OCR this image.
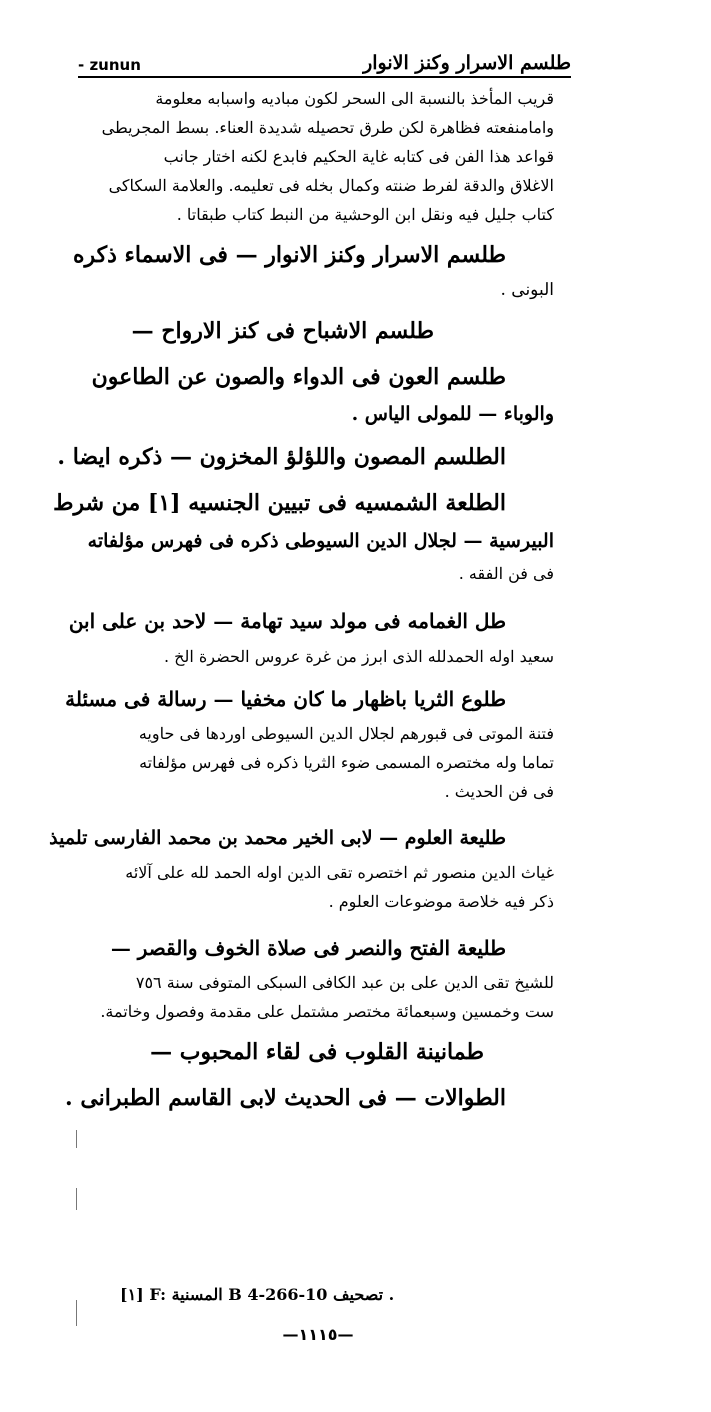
- zunun	طلسم الاسرار وكنز الانوار
قريب المأخذ بالنسبة الى السحر لكون مباديه واسبابه معلومة
وامامنفعته فظاهرة لكن طرق تحصيله شديدة العناء. بسط المجريطى
قواعد هذا الفن فى كتابه غاية الحكيم فابدع لكنه اختار جانب
الاغلاق والدقة لفرط ضنته وكمال بخله فى تعليمه. والعلامة السكاكى
كتاب جليل فيه ونقل ابن الوحشية من النبط كتاب طبقاتا .
طلسم الاسرار وكنز الانوار — فى الاسماء ذكره
البونى .
طلسم الاشباح فى كنز الارواح —
طلسم العون فى الدواء والصون عن الطاعون
والوباء — للمولى الياس .
الطلسم المصون واللؤلؤ المخزون — ذكره ايضا .
الطلعة الشمسيه فى تبيين الجنسيه [١] من شرط
البيرسية — لجلال الدين السيوطى ذكره فى فهرس مؤلفاته
فى فن الفقه .
طل الغمامه فى مولد سيد تهامة — لاحد بن على ابن
سعيد اوله الحمدلله الذى ابرز من غرة عروس الحضرة الخ .
طلوع الثريا باظهار ما كان مخفيا — رسالة فى مسئلة
فتنة الموتى فى قبورهم لجلال الدين السيوطى اوردها فى حاويه
تماما وله مختصره المسمى ضوء الثريا ذكره فى فهرس مؤلفاته
فى فن الحديث .
طليعة العلوم — لابى الخير محمد بن محمد الفارسى تلميذ
غياث الدين منصور ثم اختصره تقى الدين اوله الحمد لله على آلائه
ذكر فيه خلاصة موضوعات العلوم .
طليعة الفتح والنصر فى صلاة الخوف والقصر —
للشيخ تقى الدين على بن عبد الكافى السبكى المتوفى سنة ٧٥٦
ست وخمسين وسبعمائة مختصر مشتمل على مقدمة وفصول وخاتمة.
طمانينة القلوب فى لقاء المحبوب —
الطوالات — فى الحديث لابى القاسم الطبرانى .
[١] F: المسنية B 4-266-10 تصحيف .
—١١١٥—
